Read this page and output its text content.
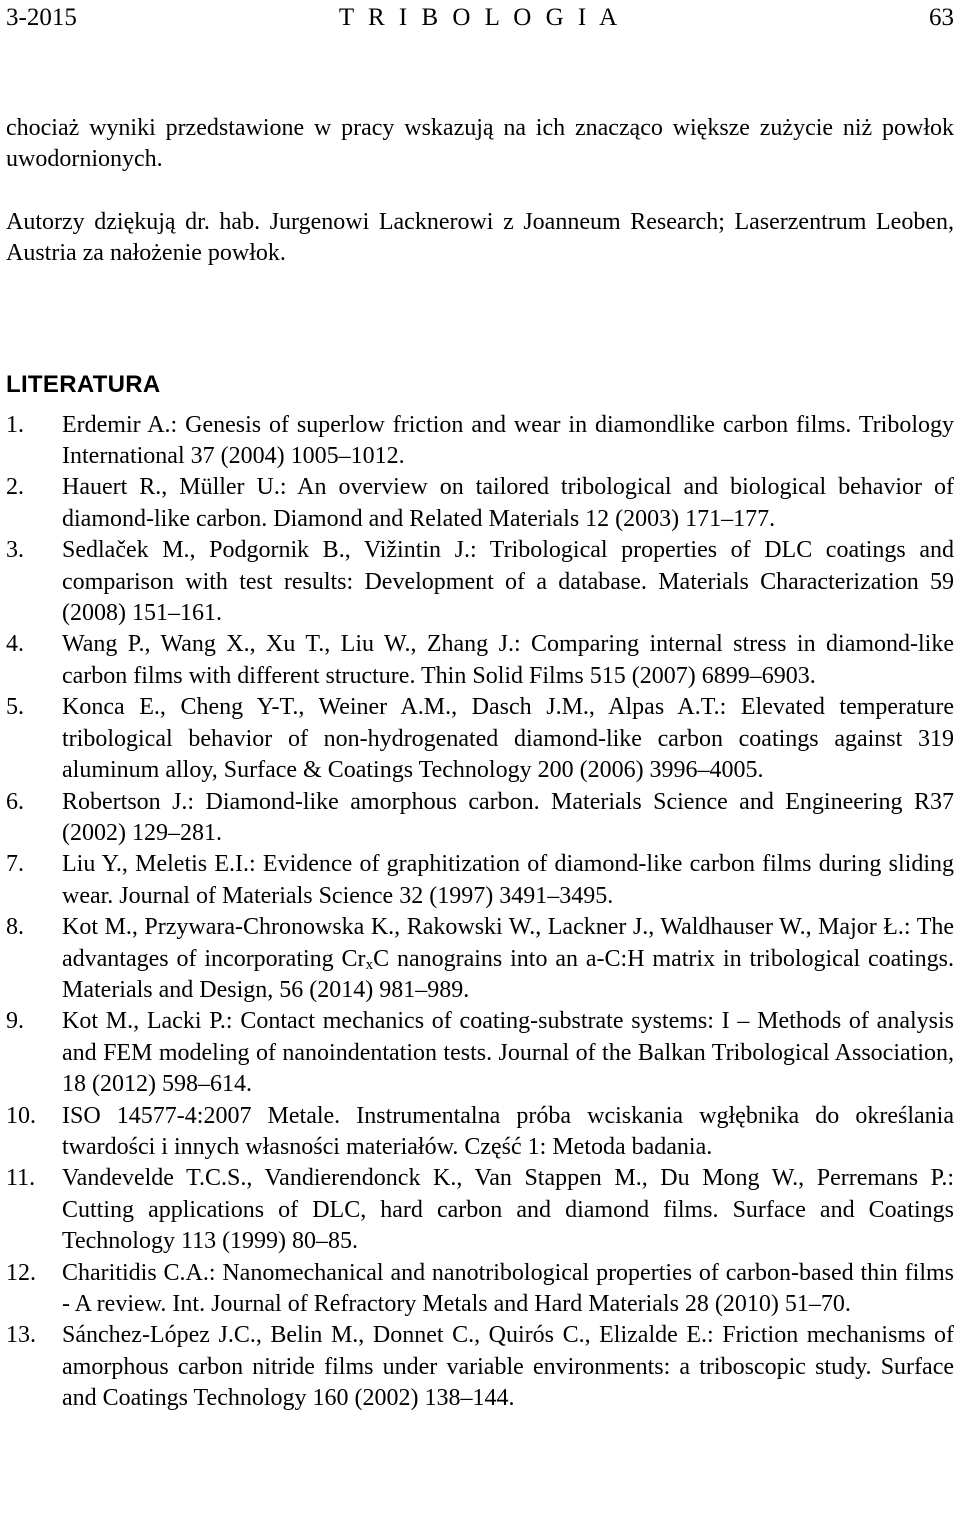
T R I B O L O G I A
3-2015	63

chociaż wyniki przedstawione w pracy wskazują na ich znacząco większe zużycie niż powłok uwodornionych.

Autorzy dziękują dr. hab. Jurgenowi Lacknerowi z Joanneum Research; Laserzentrum Leoben, Austria za nałożenie powłok.

LITERATURA
1. Erdemir A.: Genesis of superlow friction and wear in diamondlike carbon films. Tribology International 37 (2004) 1005–1012.
2. Hauert R., Müller U.: An overview on tailored tribological and biological behavior of diamond-like carbon. Diamond and Related Materials 12 (2003) 171–177.
3. Sedlaček M., Podgornik B., Vižintin J.: Tribological properties of DLC coatings and comparison with test results: Development of a database. Materials Characterization 59 (2008) 151–161.
4. Wang P., Wang X., Xu T., Liu W., Zhang J.: Comparing internal stress in diamond-like carbon films with different structure. Thin Solid Films 515 (2007) 6899–6903.
5. Konca E., Cheng Y-T., Weiner A.M., Dasch J.M., Alpas A.T.: Elevated temperature tribological behavior of non-hydrogenated diamond-like carbon coatings against 319 aluminum alloy, Surface & Coatings Technology 200 (2006) 3996–4005.
6. Robertson J.: Diamond-like amorphous carbon. Materials Science and Engineering R37 (2002) 129–281.
7. Liu Y., Meletis E.I.: Evidence of graphitization of diamond-like carbon films during sliding wear. Journal of Materials Science 32 (1997) 3491–3495.
8. Kot M., Przywara-Chronowska K., Rakowski W., Lackner J., Waldhauser W., Major Ł.: The advantages of incorporating $Cr_xC$ nanograins into an a-C:H matrix in tribological coatings. Materials and Design, 56 (2014) 981–989.
9. Kot M., Lacki P.: Contact mechanics of coating-substrate systems: I – Methods of analysis and FEM modeling of nanoindentation tests. Journal of the Balkan Tribological Association, 18 (2012) 598–614.
10. ISO 14577-4:2007 Metale. Instrumentalna próba wciskania wgłębnika do określania twardości i innych własności materiałów. Część 1: Metoda badania.
11. Vandevelde T.C.S., Vandierendonck K., Van Stappen M., Du Mong W., Perremans P.: Cutting applications of DLC, hard carbon and diamond films. Surface and Coatings Technology 113 (1999) 80–85.
12. Charitidis C.A.: Nanomechanical and nanotribological properties of carbon-based thin films - A review. Int. Journal of Refractory Metals and Hard Materials 28 (2010) 51–70.
13. Sánchez-López J.C., Belin M., Donnet C., Quirós C., Elizalde E.: Friction mechanisms of amorphous carbon nitride films under variable environments: a triboscopic study. Surface and Coatings Technology 160 (2002) 138–144.
